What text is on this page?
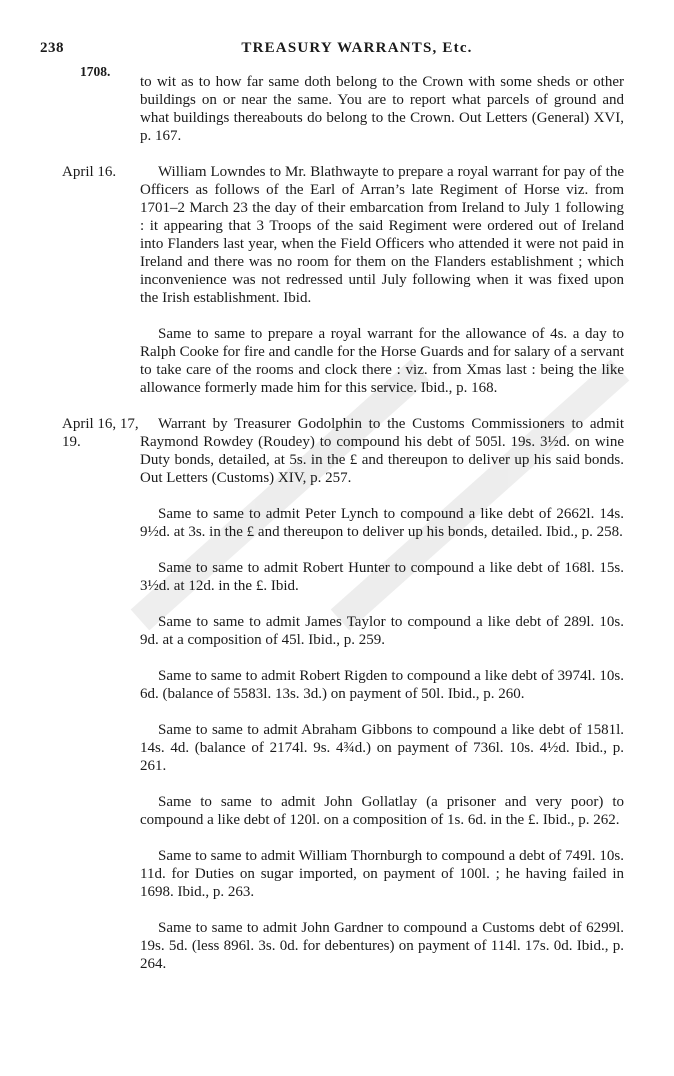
238	TREASURY WARRANTS, Etc.
1708.

to wit as to how far same doth belong to the Crown with some sheds or other buildings on or near the same. You are to report what parcels of ground and what buildings thereabouts do belong to the Crown. Out Letters (General) XVI, p. 167.

April 16.	William Lowndes to Mr. Blathwayte to prepare a royal warrant for pay of the Officers as follows of the Earl of Arran’s late Regiment of Horse viz. from 1701–2 March 23 the day of their embarcation from Ireland to July 1 following : it appearing that 3 Troops of the said Regiment were ordered out of Ireland into Flanders last year, when the Field Officers who attended it were not paid in Ireland and there was no room for them on the Flanders establishment ; which inconvenience was not redressed until July following when it was fixed upon the Irish establishment. Ibid.

Same to same to prepare a royal warrant for the allowance of 4s. a day to Ralph Cooke for fire and candle for the Horse Guards and for salary of a servant to take care of the rooms and clock there : viz. from Xmas last : being the like allowance formerly made him for this service. Ibid., p. 168.

April 16, 17, 19.

Warrant by Treasurer Godolphin to the Customs Commissioners to admit Raymond Rowdey (Roudey) to compound his debt of 505l. 19s. 3½d. on wine Duty bonds, detailed, at 5s. in the £ and thereupon to deliver up his said bonds. Out Letters (Customs) XIV, p. 257.

Same to same to admit Peter Lynch to compound a like debt of 2662l. 14s. 9½d. at 3s. in the £ and thereupon to deliver up his bonds, detailed. Ibid., p. 258.

Same to same to admit Robert Hunter to compound a like debt of 168l. 15s. 3½d. at 12d. in the £. Ibid.

Same to same to admit James Taylor to compound a like debt of 289l. 10s. 9d. at a composition of 45l. Ibid., p. 259.

Same to same to admit Robert Rigden to compound a like debt of 3974l. 10s. 6d. (balance of 5583l. 13s. 3d.) on payment of 50l. Ibid., p. 260.

Same to same to admit Abraham Gibbons to compound a like debt of 1581l. 14s. 4d. (balance of 2174l. 9s. 4¾d.) on payment of 736l. 10s. 4½d. Ibid., p. 261.

Same to same to admit John Gollatlay (a prisoner and very poor) to compound a like debt of 120l. on a composition of 1s. 6d. in the £. Ibid., p. 262.

Same to same to admit William Thornburgh to compound a debt of 749l. 10s. 11d. for Duties on sugar imported, on payment of 100l. ; he having failed in 1698. Ibid., p. 263.

Same to same to admit John Gardner to compound a Customs debt of 6299l. 19s. 5d. (less 896l. 3s. 0d. for debentures) on payment of 114l. 17s. 0d. Ibid., p. 264.
